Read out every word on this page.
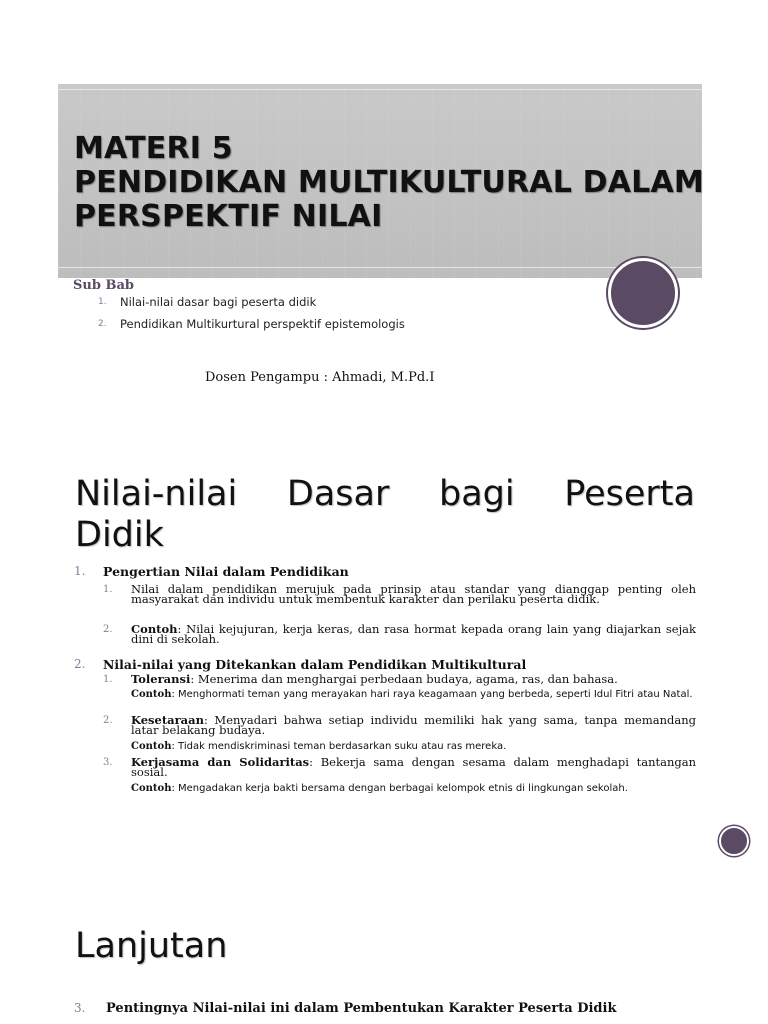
MATERI 5
PENDIDIKAN MULTIKULTURAL DALAM
PERSPEKTIF NILAI
Sub Bab
1.	Nilai-nilai dasar bagi peserta didik
2.	Pendidikan Multikurtural perspektif epistemologis
Dosen Pengampu : Ahmadi, M.Pd.I
Nilai-nilai Dasar bagi Peserta
Didik
1.	Pengertian Nilai dalam Pendidikan
1.	Nilai dalam pendidikan merujuk pada prinsip atau standar yang dianggap penting oleh masyarakat dan individu untuk membentuk karakter dan perilaku peserta didik.
2.	Contoh: Nilai kejujuran, kerja keras, dan rasa hormat kepada orang lain yang diajarkan sejak dini di sekolah.
2.	Nilai-nilai yang Ditekankan dalam Pendidikan Multikultural
1.	Toleransi: Menerima dan menghargai perbedaan budaya, agama, ras, dan bahasa.
Contoh: Menghormati teman yang merayakan hari raya keagamaan yang berbeda, seperti Idul Fitri atau Natal.
2.	Kesetaraan: Menyadari bahwa setiap individu memiliki hak yang sama, tanpa memandang latar belakang budaya.
Contoh: Tidak mendiskriminasi teman berdasarkan suku atau ras mereka.
3.	Kerjasama dan Solidaritas: Bekerja sama dengan sesama dalam menghadapi tantangan sosial.
Contoh: Mengadakan kerja bakti bersama dengan berbagai kelompok etnis di lingkungan sekolah.
Lanjutan
3. Pentingnya Nilai-nilai ini dalam Pembentukan Karakter Peserta Didik
